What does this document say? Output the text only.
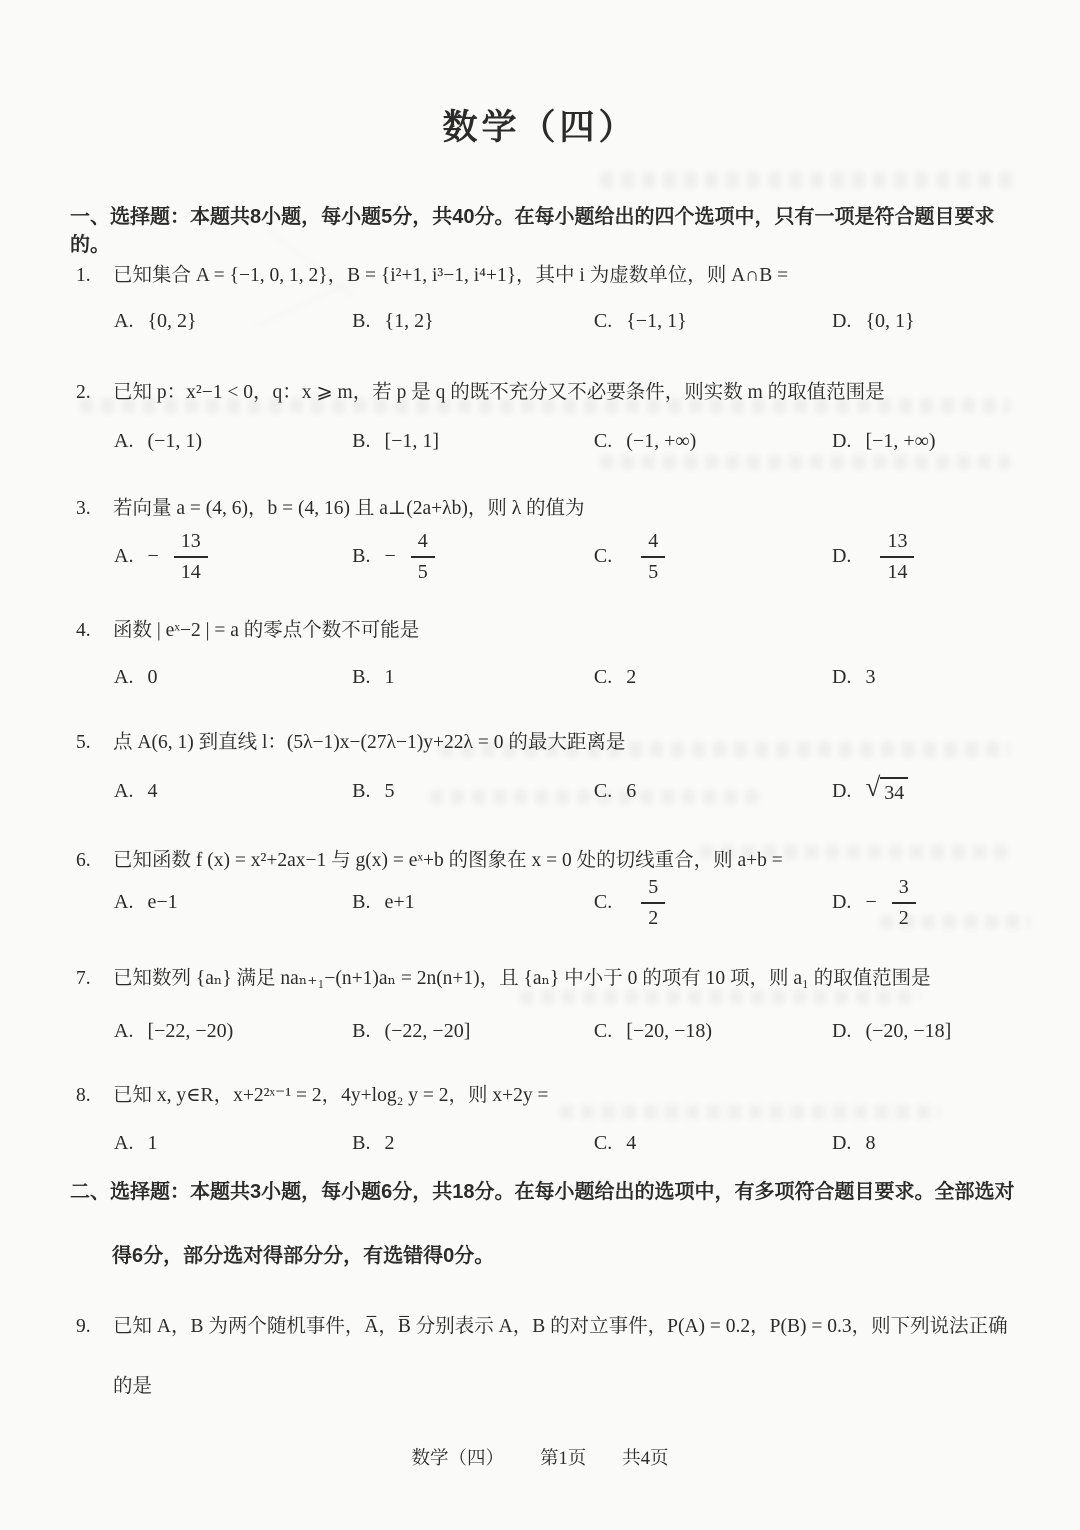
数学（四）
一、选择题：本题共8小题，每小题5分，共40分。在每小题给出的四个选项中，只有一项是符合题目要求的。
1. 已知集合 A = {−1, 0, 1, 2}，B = {i²+1, i³−1, i⁴+1}，其中 i 为虚数单位，则 A∩B =
A. {0, 2}	B. {1, 2}	C. {−1, 1}	D. {0, 1}
2. 已知 p：x²−1 < 0，q：x ⩾ m，若 p 是 q 的既不充分又不必要条件，则实数 m 的取值范围是
A. (−1, 1)	B. [−1, 1]	C. (−1, +∞)	D. [−1, +∞)
3. 若向量 a = (4, 6)，b = (4, 16) 且 a⊥(2a+λb)，则 λ 的值为
A. − $\frac{13}{14}$	B. − $\frac{4}{5}$	C.
4
5
D.
13
14
4. 函数 | eˣ−2 | = a 的零点个数不可能是
A. 0	B. 1	C. 2	D. 3
5. 点 A(6, 1) 到直线 l：(5λ−1)x−(27λ−1)y+22λ = 0 的最大距离是
A. 4	B. 5	C. 6	D. √ 34
6. 已知函数 f (x) = x²+2ax−1 与 g(x) = eˣ+b 的图象在 x = 0 处的切线重合，则 a+b =
A. e−1	B. e+1	C.
5
2
D. − $\frac{3}{2}$
7. 已知数列 {aₙ} 满足 naₙ₊₁−(n+1)aₙ = 2n(n+1)，且 {aₙ} 中小于 0 的项有 10 项，则 a₁ 的取值范围是
A. [−22, −20)	B. (−22, −20]	C. [−20, −18)	D. (−20, −18]
8. 已知 x, y∈R，x+2²ˣ⁻¹ = 2，4y+log₂ y = 2，则 x+2y =
A. 1	B. 2	C. 4	D. 8
二、选择题：本题共3小题，每小题6分，共18分。在每小题给出的选项中，有多项符合题目要求。全部选对得6分，部分选对得部分分，有选错得0分。
9. 已知 A，B 为两个随机事件，A̅，B̅ 分别表示 A，B 的对立事件，P(A) = 0.2，P(B) = 0.3，则下列说法正确的是
数学（四） 第1页 共4页
